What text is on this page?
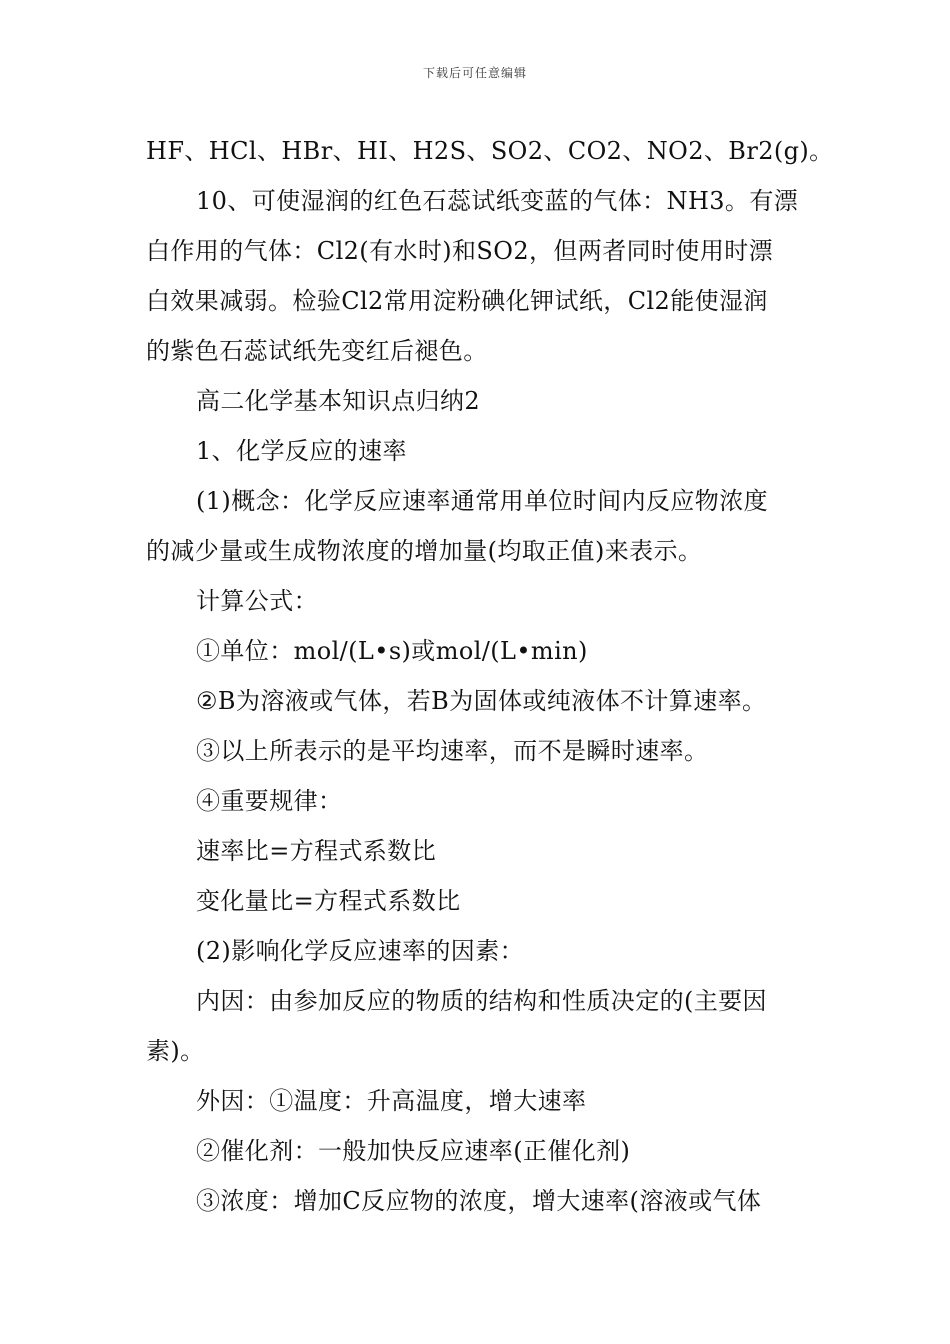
下载后可任意编辑
HF、HCl、HBr、HI、H2S、SO2、CO2、NO2、Br2(g)。
10、可使湿润的红色石蕊试纸变蓝的气体：NH3。有漂
白作用的气体：Cl2(有水时)和SO2，但两者同时使用时漂
白效果减弱。检验Cl2常用淀粉碘化钾试纸，Cl2能使湿润
的紫色石蕊试纸先变红后褪色。
高二化学基本知识点归纳2
1、化学反应的速率
(1)概念：化学反应速率通常用单位时间内反应物浓度
的减少量或生成物浓度的增加量(均取正值)来表示。
计算公式：
①单位：mol/(L•s)或mol/(L•min)
②B为溶液或气体，若B为固体或纯液体不计算速率。
③以上所表示的是平均速率，而不是瞬时速率。
④重要规律：
速率比=方程式系数比
变化量比=方程式系数比
(2)影响化学反应速率的因素：
内因：由参加反应的物质的结构和性质决定的(主要因
素)。
外因：①温度：升高温度，增大速率
②催化剂：一般加快反应速率(正催化剂)
③浓度：增加C反应物的浓度，增大速率(溶液或气体
